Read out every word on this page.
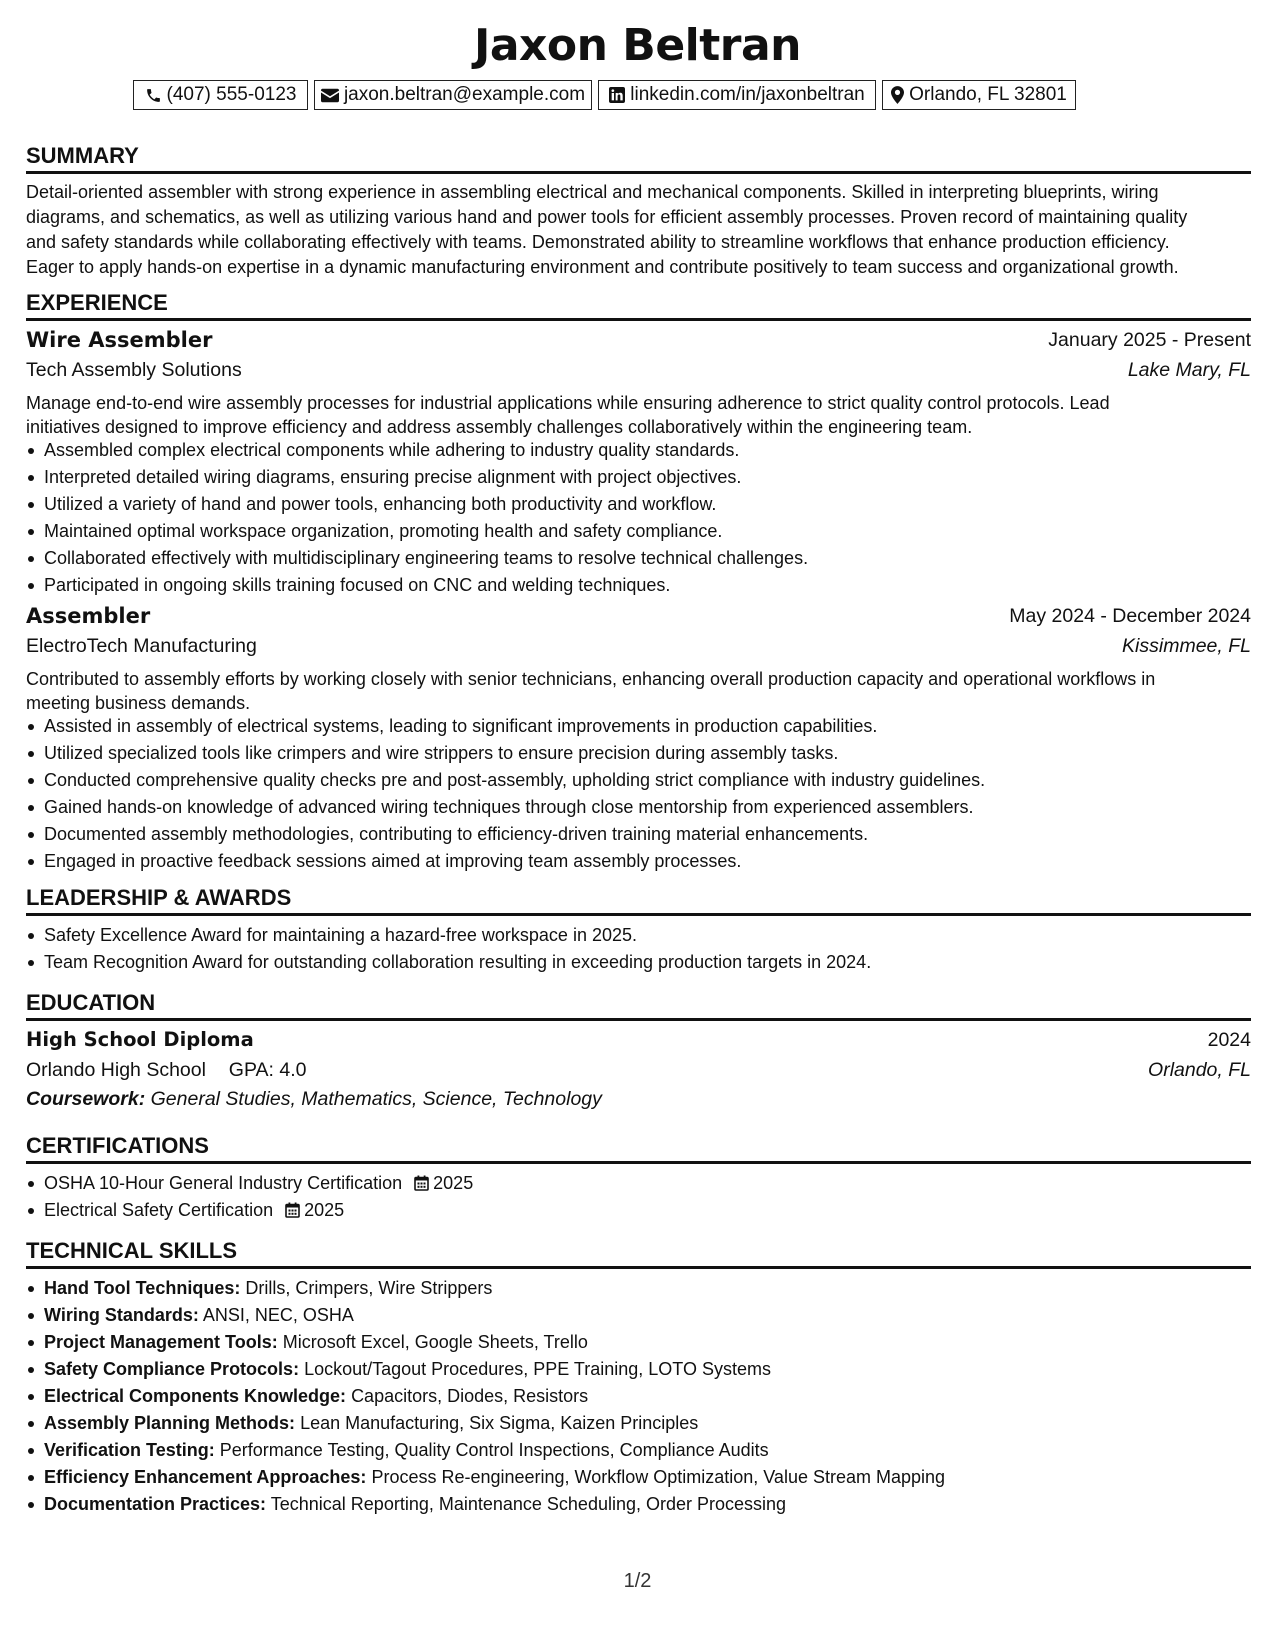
Jaxon Beltran
(407) 555-0123 jaxon.beltran@example.com linkedin.com/in/jaxonbeltran Orlando, FL 32801
SUMMARY
Detail-oriented assembler with strong experience in assembling electrical and mechanical components. Skilled in interpreting blueprints, wiring
diagrams, and schematics, as well as utilizing various hand and power tools for efficient assembly processes. Proven record of maintaining quality
and safety standards while collaborating effectively with teams. Demonstrated ability to streamline workflows that enhance production efficiency.
Eager to apply hands-on expertise in a dynamic manufacturing environment and contribute positively to team success and organizational growth.
EXPERIENCE
Wire Assembler	January 2025 - Present
Tech Assembly Solutions	Lake Mary, FL
Manage end-to-end wire assembly processes for industrial applications while ensuring adherence to strict quality control protocols. Lead
initiatives designed to improve efficiency and address assembly challenges collaboratively within the engineering team.
Assembled complex electrical components while adhering to industry quality standards.
Interpreted detailed wiring diagrams, ensuring precise alignment with project objectives.
Utilized a variety of hand and power tools, enhancing both productivity and workflow.
Maintained optimal workspace organization, promoting health and safety compliance.
Collaborated effectively with multidisciplinary engineering teams to resolve technical challenges.
Participated in ongoing skills training focused on CNC and welding techniques.
Assembler	May 2024 - December 2024
ElectroTech Manufacturing	Kissimmee, FL
Contributed to assembly efforts by working closely with senior technicians, enhancing overall production capacity and operational workflows in
meeting business demands.
Assisted in assembly of electrical systems, leading to significant improvements in production capabilities.
Utilized specialized tools like crimpers and wire strippers to ensure precision during assembly tasks.
Conducted comprehensive quality checks pre and post-assembly, upholding strict compliance with industry guidelines.
Gained hands-on knowledge of advanced wiring techniques through close mentorship from experienced assemblers.
Documented assembly methodologies, contributing to efficiency-driven training material enhancements.
Engaged in proactive feedback sessions aimed at improving team assembly processes.
LEADERSHIP & AWARDS
Safety Excellence Award for maintaining a hazard-free workspace in 2025.
Team Recognition Award for outstanding collaboration resulting in exceeding production targets in 2024.
EDUCATION
High School Diploma	2024
Orlando High School GPA: 4.0	Orlando, FL
Coursework: General Studies, Mathematics, Science, Technology
CERTIFICATIONS
OSHA 10-Hour General Industry Certification 2025
Electrical Safety Certification 2025
TECHNICAL SKILLS
Hand Tool Techniques: Drills, Crimpers, Wire Strippers
Wiring Standards: ANSI, NEC, OSHA
Project Management Tools: Microsoft Excel, Google Sheets, Trello
Safety Compliance Protocols: Lockout/Tagout Procedures, PPE Training, LOTO Systems
Electrical Components Knowledge: Capacitors, Diodes, Resistors
Assembly Planning Methods: Lean Manufacturing, Six Sigma, Kaizen Principles
Verification Testing: Performance Testing, Quality Control Inspections, Compliance Audits
Efficiency Enhancement Approaches: Process Re-engineering, Workflow Optimization, Value Stream Mapping
Documentation Practices: Technical Reporting, Maintenance Scheduling, Order Processing
1/2
